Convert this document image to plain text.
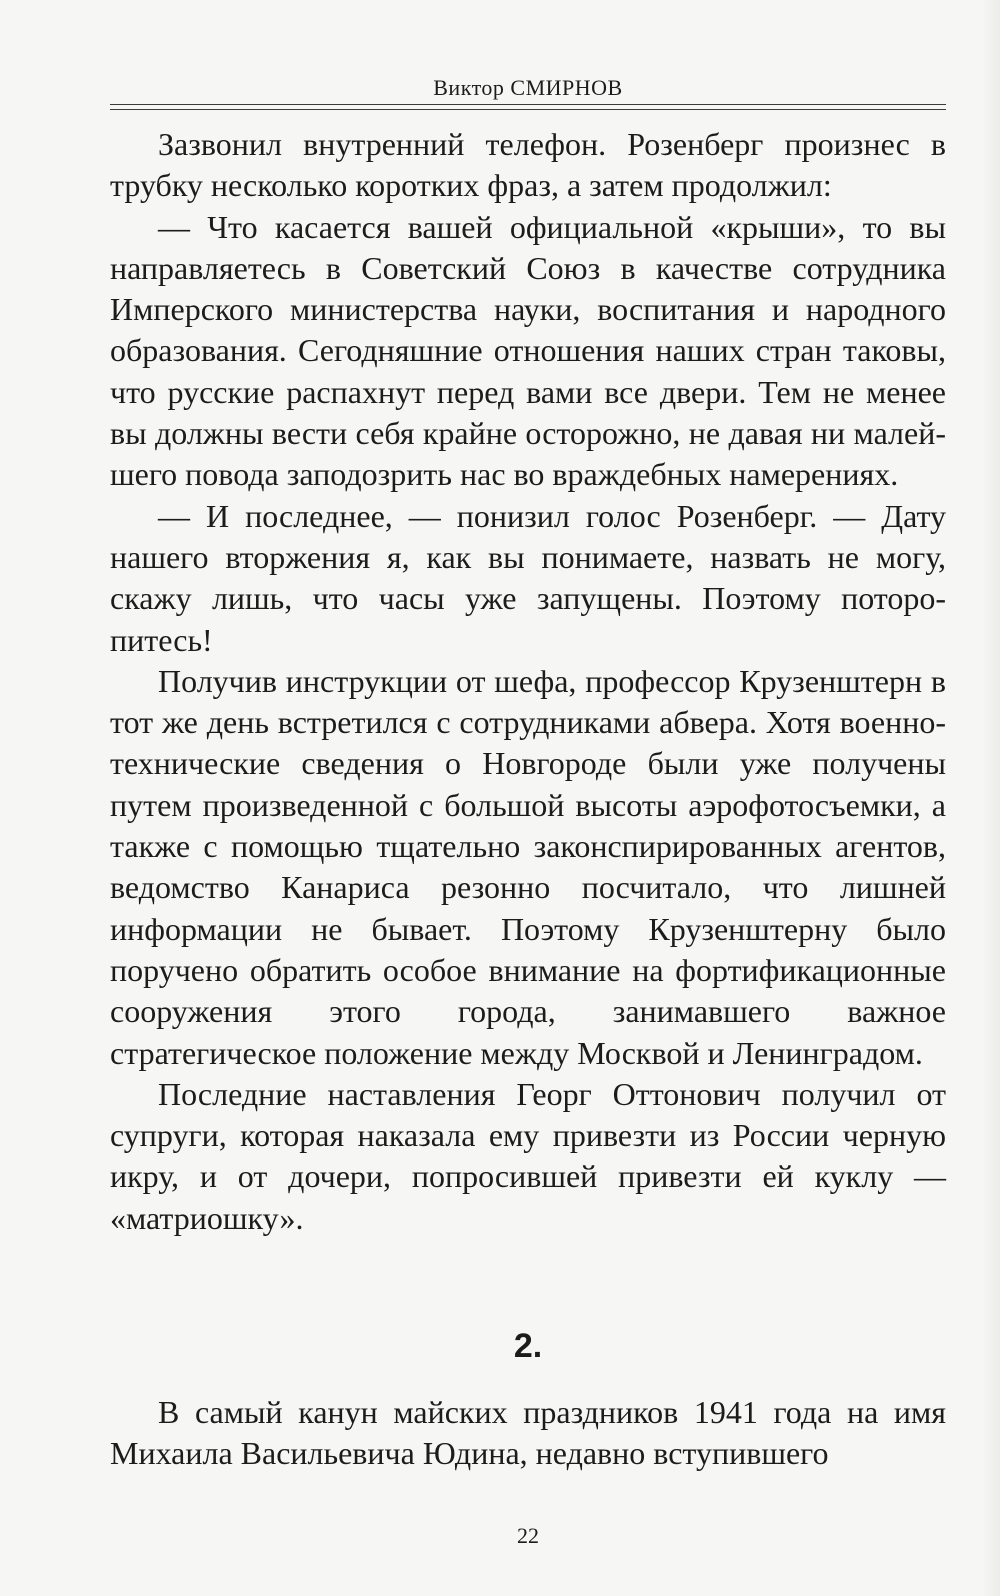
Виктор СМИРНОВ

Зазвонил внутренний телефон. Розенберг произнес в трубку несколько коротких фраз, а затем продолжил:

— Что касается вашей официальной «крыши», то вы направляетесь в Советский Союз в качестве сотрудника Имперского министерства науки, воспитания и народного образования. Сегодняшние отношения наших стран таковы, что русские распахнут перед вами все двери. Тем не менее вы должны вести себя крайне осторожно, не давая ни малейшего повода заподозрить нас во враждебных намерениях.

— И последнее, — понизил голос Розенберг. — Дату нашего вторжения я, как вы понимаете, назвать не могу, скажу лишь, что часы уже запущены. Поэтому поторопитесь!

Получив инструкции от шефа, профессор Крузенштерн в тот же день встретился с сотрудниками абвера. Хотя военно-технические сведения о Новгороде были уже получены путем произведенной с большой высоты аэрофотосъемки, а также с помощью тщательно законспирированных агентов, ведомство Канариса резонно посчитало, что лишней информации не бывает. Поэтому Крузенштерну было поручено обратить особое внимание на фортификационные сооружения этого города, занимавшего важное стратегическое положение между Москвой и Ленинградом.

Последние наставления Георг Оттонович получил от супруги, которая наказала ему привезти из России черную икру, и от дочери, попросившей привезти ей куклу — «матриошку».

2.

В самый канун майских праздников 1941 года на имя Михаила Васильевича Юдина, недавно вступившего

22
